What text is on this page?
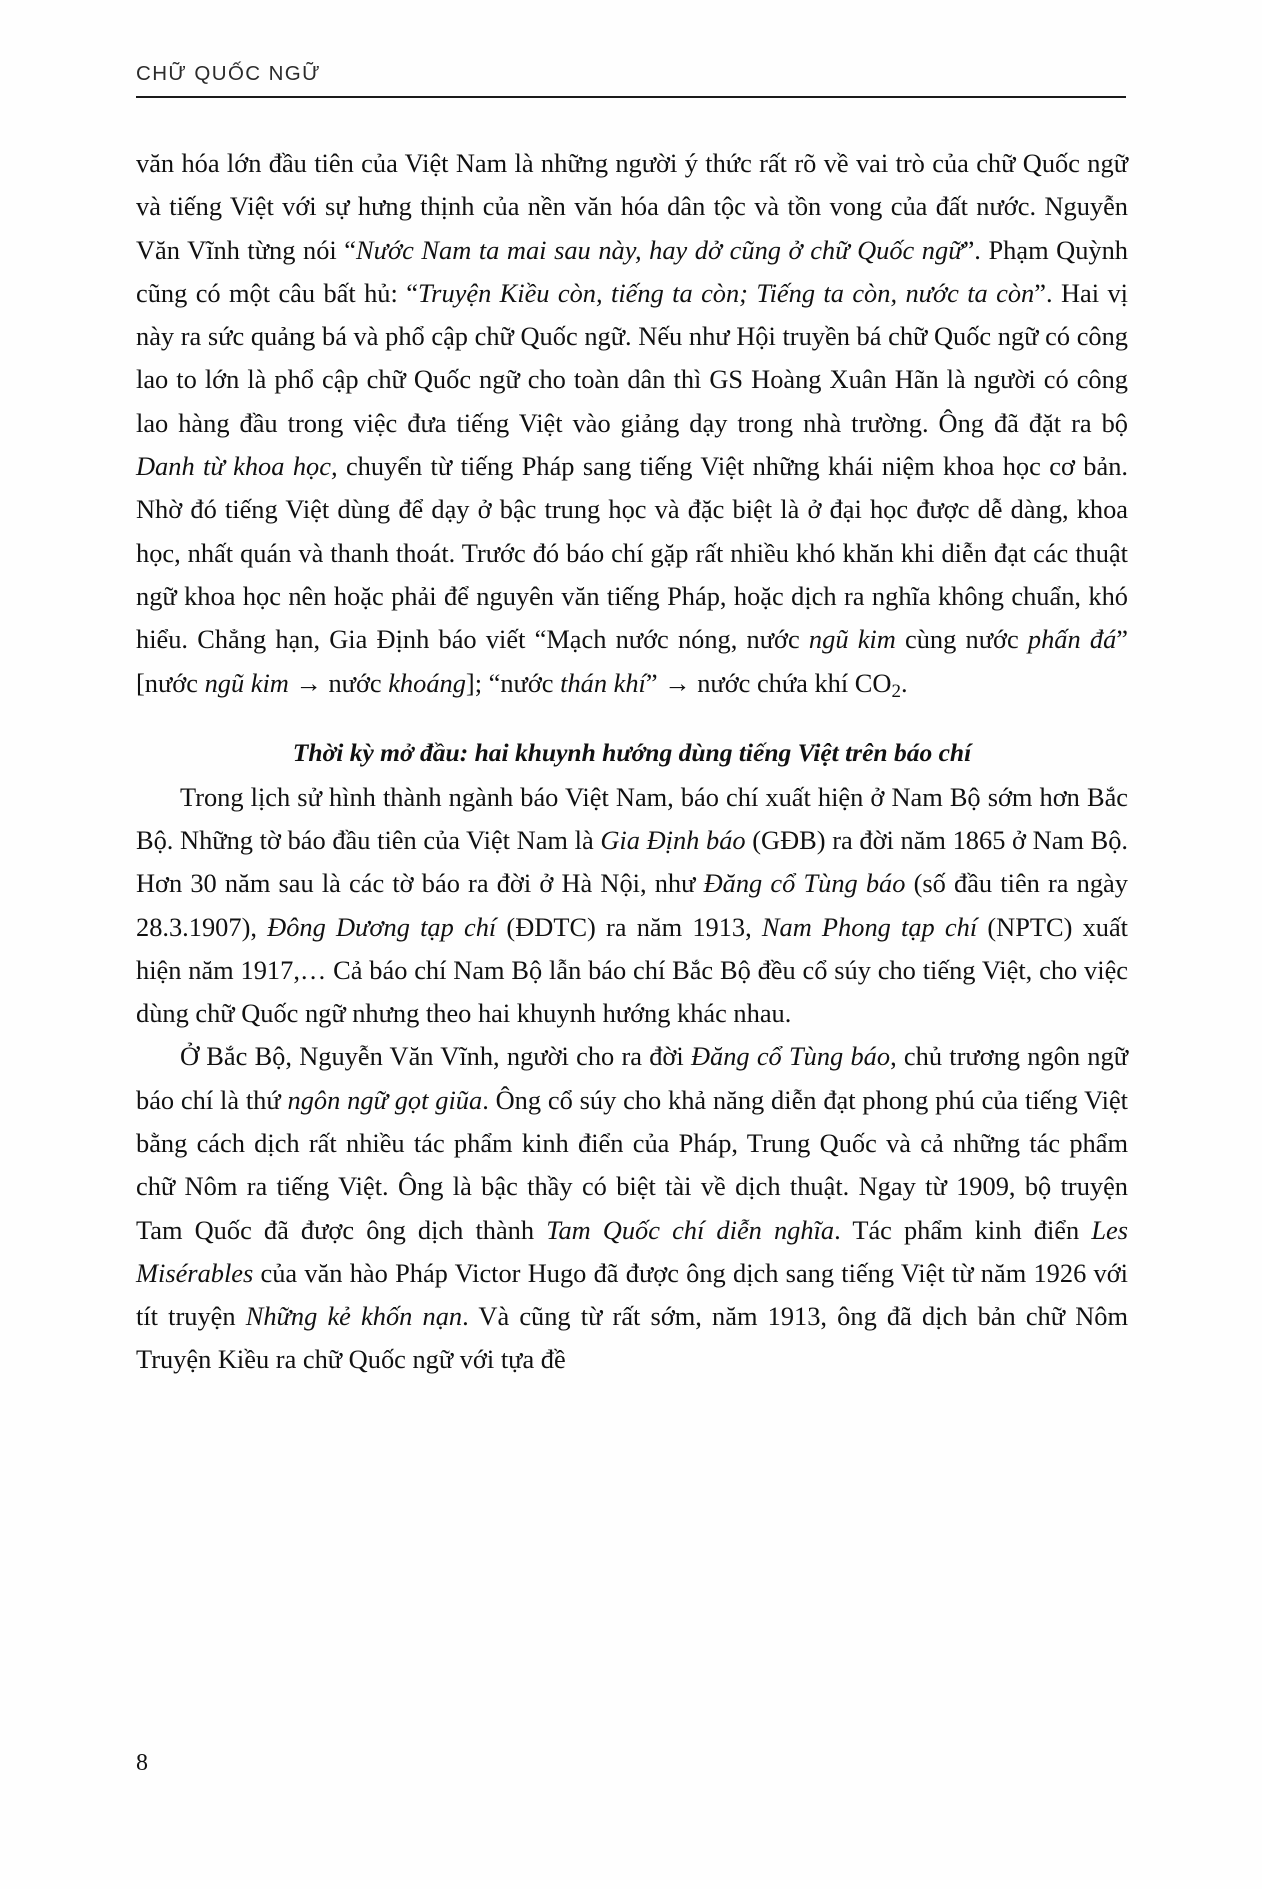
CHỮ QUỐC NGỮ

văn hóa lớn đầu tiên của Việt Nam là những người ý thức rất rõ về vai trò của chữ Quốc ngữ và tiếng Việt với sự hưng thịnh của nền văn hóa dân tộc và tồn vong của đất nước. Nguyễn Văn Vĩnh từng nói “Nước Nam ta mai sau này, hay dở cũng ở chữ Quốc ngữ”. Phạm Quỳnh cũng có một câu bất hủ: “Truyện Kiều còn, tiếng ta còn; Tiếng ta còn, nước ta còn”. Hai vị này ra sức quảng bá và phổ cập chữ Quốc ngữ. Nếu như Hội truyền bá chữ Quốc ngữ có công lao to lớn là phổ cập chữ Quốc ngữ cho toàn dân thì GS Hoàng Xuân Hãn là người có công lao hàng đầu trong việc đưa tiếng Việt vào giảng dạy trong nhà trường. Ông đã đặt ra bộ Danh từ khoa học, chuyển từ tiếng Pháp sang tiếng Việt những khái niệm khoa học cơ bản. Nhờ đó tiếng Việt dùng để dạy ở bậc trung học và đặc biệt là ở đại học được dễ dàng, khoa học, nhất quán và thanh thoát. Trước đó báo chí gặp rất nhiều khó khăn khi diễn đạt các thuật ngữ khoa học nên hoặc phải để nguyên văn tiếng Pháp, hoặc dịch ra nghĩa không chuẩn, khó hiểu. Chẳng hạn, Gia Định báo viết “Mạch nước nóng, nước ngũ kim cùng nước phấn đá” [nước ngũ kim → nước khoáng]; “nước thán khí” → nước chứa khí $CO_2$.

Thời kỳ mở đầu: hai khuynh hướng dùng tiếng Việt trên báo chí

Trong lịch sử hình thành ngành báo Việt Nam, báo chí xuất hiện ở Nam Bộ sớm hơn Bắc Bộ. Những tờ báo đầu tiên của Việt Nam là Gia Định báo (GĐB) ra đời năm 1865 ở Nam Bộ. Hơn 30 năm sau là các tờ báo ra đời ở Hà Nội, như Đăng cổ Tùng báo (số đầu tiên ra ngày 28.3.1907), Đông Dương tạp chí (ĐDTC) ra năm 1913, Nam Phong tạp chí (NPTC) xuất hiện năm 1917,… Cả báo chí Nam Bộ lẫn báo chí Bắc Bộ đều cổ súy cho tiếng Việt, cho việc dùng chữ Quốc ngữ nhưng theo hai khuynh hướng khác nhau.

Ở Bắc Bộ, Nguyễn Văn Vĩnh, người cho ra đời Đăng cổ Tùng báo, chủ trương ngôn ngữ báo chí là thứ ngôn ngữ gọt giũa. Ông cổ súy cho khả năng diễn đạt phong phú của tiếng Việt bằng cách dịch rất nhiều tác phẩm kinh điển của Pháp, Trung Quốc và cả những tác phẩm chữ Nôm ra tiếng Việt. Ông là bậc thầy có biệt tài về dịch thuật. Ngay từ 1909, bộ truyện Tam Quốc đã được ông dịch thành Tam Quốc chí diễn nghĩa. Tác phẩm kinh điển Les Misérables của văn hào Pháp Victor Hugo đã được ông dịch sang tiếng Việt từ năm 1926 với tít truyện Những kẻ khốn nạn. Và cũng từ rất sớm, năm 1913, ông đã dịch bản chữ Nôm Truyện Kiều ra chữ Quốc ngữ với tựa đề

8
